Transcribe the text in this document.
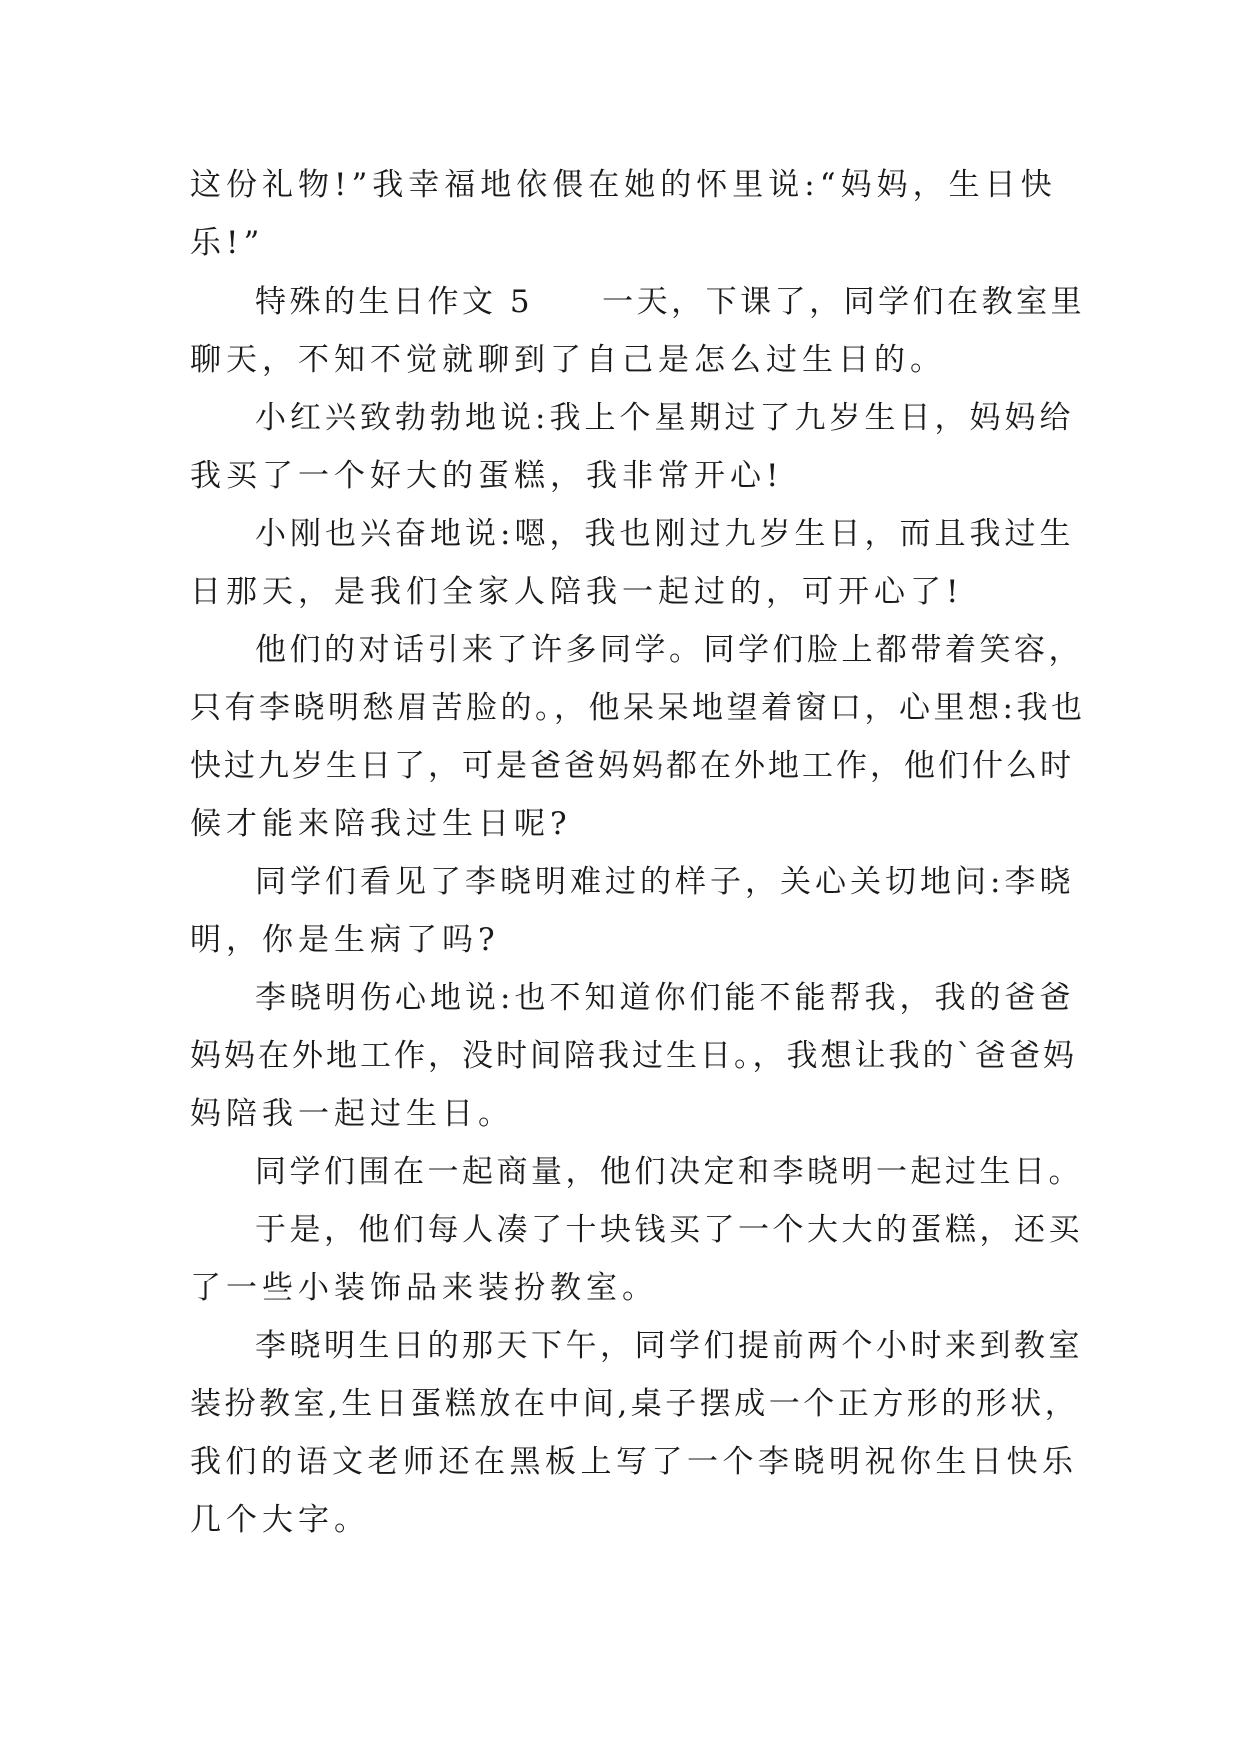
这份礼物!”我幸福地依偎在她的怀里说:“妈妈，生日快
乐!”
特殊的生日作文 5　　一天，下课了，同学们在教室里
聊天，不知不觉就聊到了自己是怎么过生日的。
小红兴致勃勃地说:我上个星期过了九岁生日，妈妈给
我买了一个好大的蛋糕，我非常开心!
小刚也兴奋地说:嗯，我也刚过九岁生日，而且我过生
日那天，是我们全家人陪我一起过的，可开心了!
他们的对话引来了许多同学。同学们脸上都带着笑容，
只有李晓明愁眉苦脸的。，他呆呆地望着窗口，心里想:我也
快过九岁生日了，可是爸爸妈妈都在外地工作，他们什么时
候才能来陪我过生日呢?
同学们看见了李晓明难过的样子，关心关切地问:李晓
明，你是生病了吗?
李晓明伤心地说:也不知道你们能不能帮我，我的爸爸
妈妈在外地工作，没时间陪我过生日。，我想让我的`爸爸妈
妈陪我一起过生日。
同学们围在一起商量，他们决定和李晓明一起过生日。
于是，他们每人凑了十块钱买了一个大大的蛋糕，还买
了一些小装饰品来装扮教室。
李晓明生日的那天下午，同学们提前两个小时来到教室
装扮教室,生日蛋糕放在中间,桌子摆成一个正方形的形状，
我们的语文老师还在黑板上写了一个李晓明祝你生日快乐
几个大字。
